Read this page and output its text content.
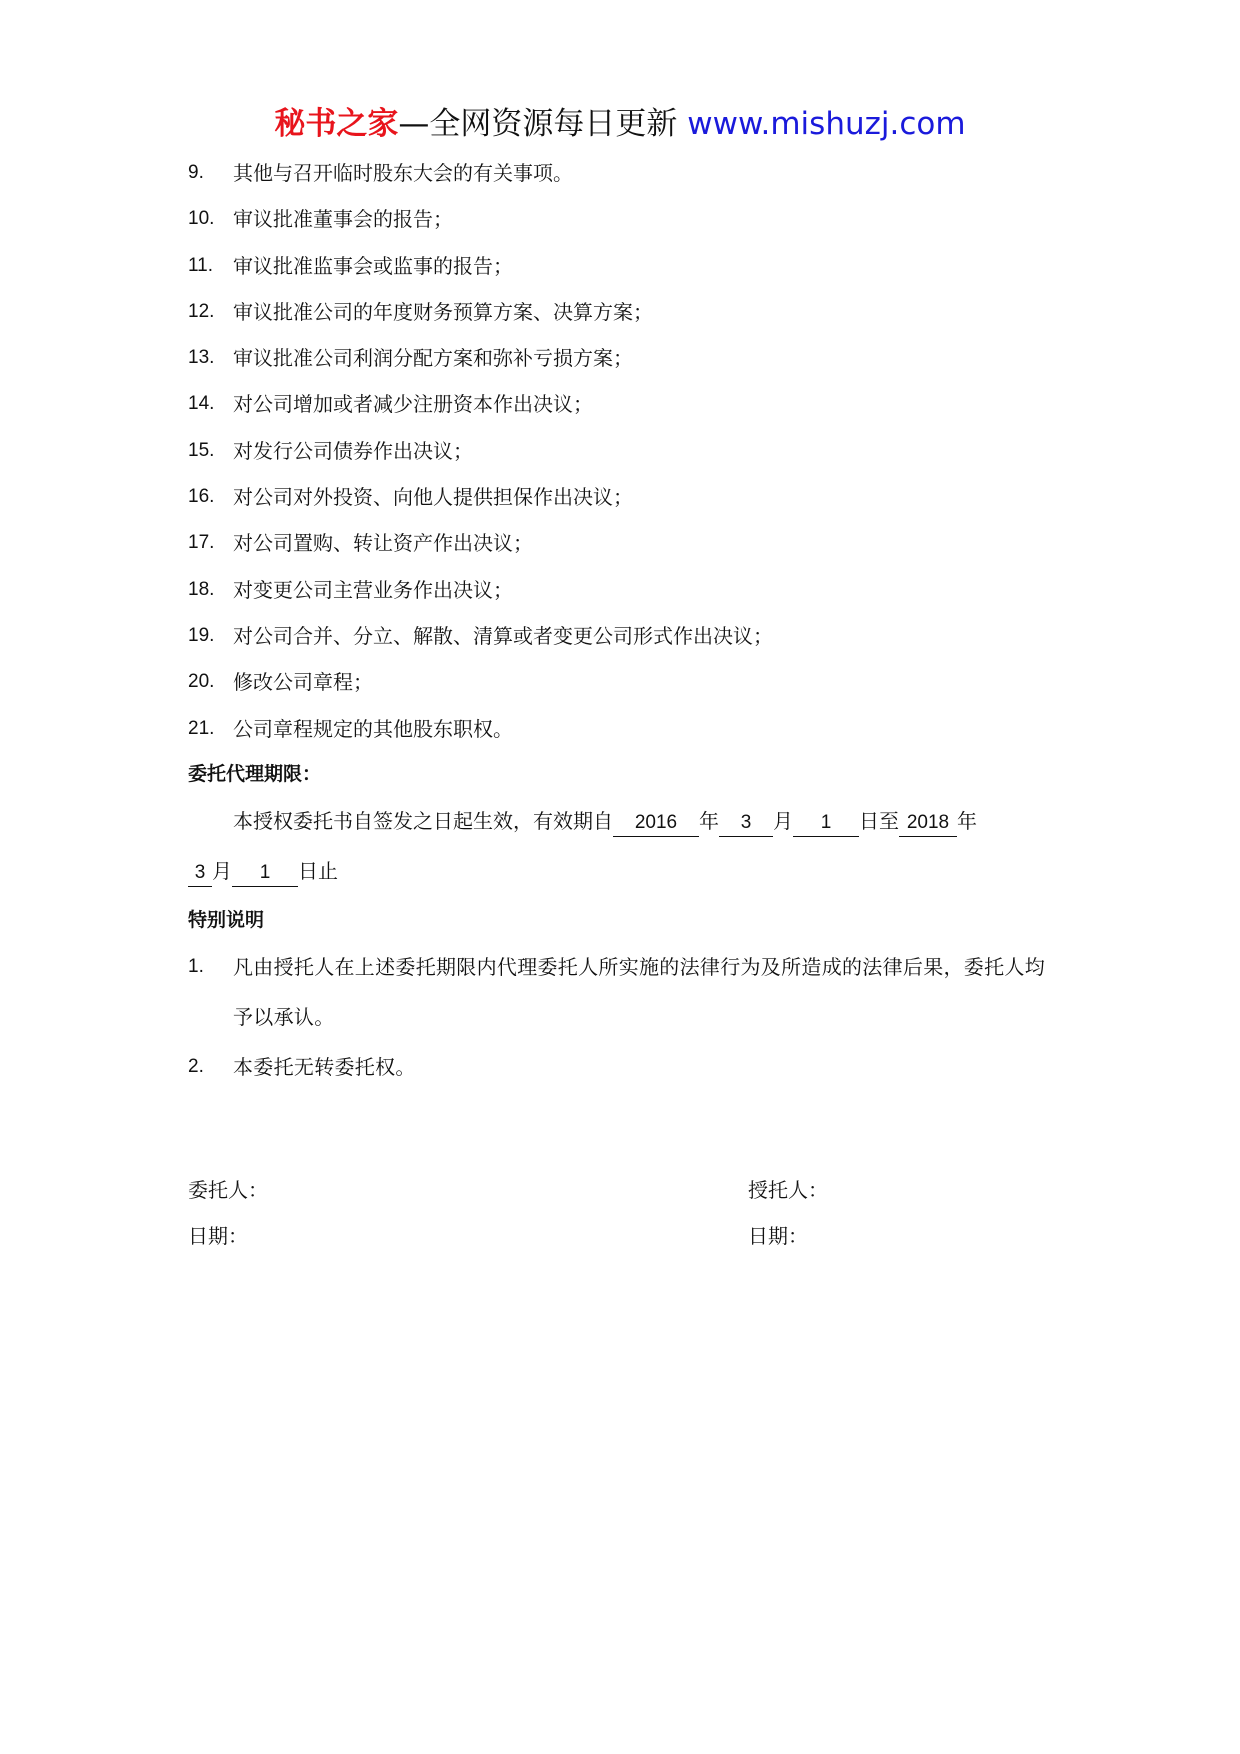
秘书之家—全网资源每日更新 www.mishuzj.com
9.	其他与召开临时股东大会的有关事项。
10. 审议批准董事会的报告；
11. 审议批准监事会或监事的报告；
12. 审议批准公司的年度财务预算方案、决算方案；
13. 审议批准公司利润分配方案和弥补亏损方案；
14. 对公司增加或者减少注册资本作出决议；
15. 对发行公司债券作出决议；
16. 对公司对外投资、向他人提供担保作出决议；
17. 对公司置购、转让资产作出决议；
18. 对变更公司主营业务作出决议；
19. 对公司合并、分立、解散、清算或者变更公司形式作出决议；
20. 修改公司章程；
21. 公司章程规定的其他股东职权。
委托代理期限：
本授权委托书自签发之日起生效，有效期自 2016 年 3 月 1 日至 2018 年
3 月 1 日止
特别说明
1. 凡由授托人在上述委托期限内代理委托人所实施的法律行为及所造成的法律后果，委托人均予以承认。
2. 本委托无转委托权。
委托人：	授托人：
日期：	日期：
